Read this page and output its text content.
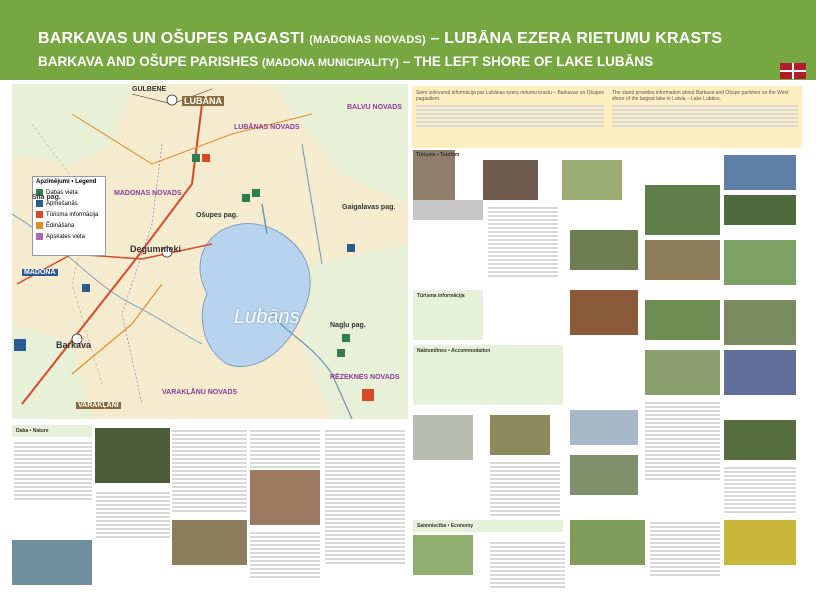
BARKAVAS UN OŠUPES PAGASTI (MADONAS NOVADS) – LUBĀNA EZERA RIETUMU KRASTS
BARKAVA AND OŠUPE PARISHES (MADONA MUNICIPALITY) – THE LEFT SHORE OF LAKE LUBĀNS
Apzīmējumi • Legend
Dabas vieta
Apmešanās
Tūrisma informācija
Ēdināšana
Apskates vieta
Lubāns
Degumnieki
Barkava
LUBĀNA
LUBĀNAS NOVADS
MADONAS NOVADS
Ošupes pag.
VARAKĻĀNU NOVADS
RĒZEKNES NOVADS
GULBENE
BALVU NOVADS
MADONA
Nagļu pag.
Gaigalavas pag.
VARAKĻĀNI
Sila pag.
Šiem izdevumā informācija par Lubānas ezera rietumu krastu – Barkavas un Ošupes pagastiem.
The stand provides information about Barkava and Ošupe parishes on the West shore of the largest lake in Latvia – Lake Lubāns.
Tūrisma informācija
Naktsmītnes • Accommodation
Tūrisms • Tourism
Saimniecība • Economy
Daba • Nature
